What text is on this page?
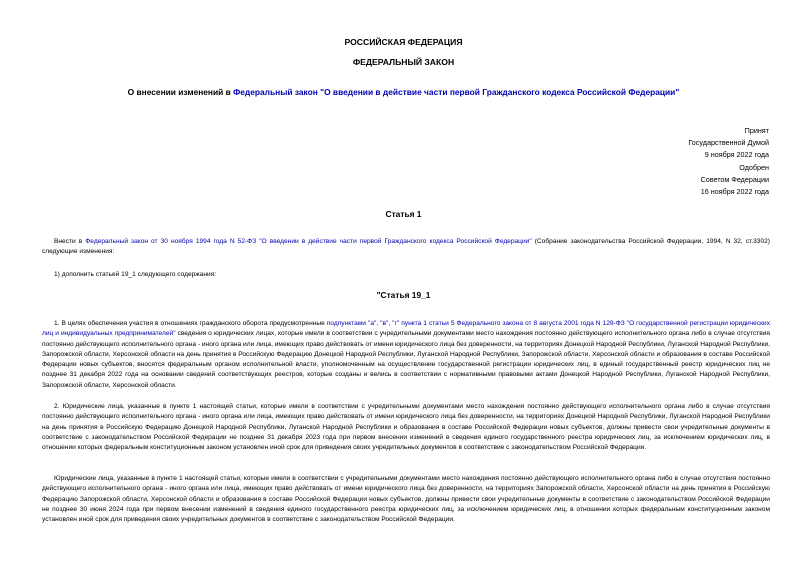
РОССИЙСКАЯ ФЕДЕРАЦИЯ
ФЕДЕРАЛЬНЫЙ ЗАКОН
О внесении изменений в Федеральный закон "О введении в действие части первой Гражданского кодекса Российской Федерации"
Принят
Государственной Думой
9 ноября 2022 года
Одобрен
Советом Федерации
16 ноября 2022 года
Статья 1
Внести в Федеральный закон от 30 ноября 1994 года N 52-ФЗ "О введении в действие части первой Гражданского кодекса Российской Федерации" (Собрание законодательства Российской Федерации, 1994, N 32, ст.3302) следующие изменения:
1) дополнить статьей 19_1 следующего содержания:
"Статья 19_1
1. В целях обеспечения участия в отношениях гражданского оборота предусмотренные подпунктами "а", "в", "г" пункта 1 статьи 5 Федерального закона от 8 августа 2001 года N 129-ФЗ "О государственной регистрации юридических лиц и индивидуальных предпринимателей" сведения о юридических лицах, которые имели в соответствии с учредительными документами место нахождения постоянно действующего исполнительного органа либо в случае отсутствия постоянно действующего исполнительного органа - иного органа или лица, имеющих право действовать от имени юридического лица без доверенности, на территориях Донецкой Народной Республики, Луганской Народной Республики, Запорожской области, Херсонской области на день принятия в Российскую Федерацию Донецкой Народной Республики, Луганской Народной Республики, Запорожской области, Херсонской области и образования в составе Российской Федерации новых субъектов, вносятся федеральным органом исполнительной власти, уполномоченным на осуществление государственной регистрации юридических лиц, в единый государственный реестр юридических лиц не позднее 31 декабря 2022 года на основании сведений соответствующих реестров, которые созданы и велись в соответствии с нормативными правовыми актами Донецкой Народной Республики, Луганской Народной Республики, Запорожской области, Херсонской области.
2. Юридические лица, указанные в пункте 1 настоящей статьи, которые имели в соответствии с учредительными документами место нахождения постоянно действующего исполнительного органа либо в случае отсутствия постоянно действующего исполнительного органа - иного органа или лица, имеющих право действовать от имени юридического лица без доверенности, на территориях Донецкой Народной Республики, Луганской Народной Республики на день принятия в Российскую Федерацию Донецкой Народной Республики, Луганской Народной Республики и образования в составе Российской Федерации новых субъектов, должны привести свои учредительные документы в соответствие с законодательством Российской Федерации не позднее 31 декабря 2023 года при первом внесении изменений в сведения единого государственного реестра юридических лиц, за исключением юридических лиц, в отношении которых федеральным конституционным законом установлен иной срок для приведения своих учредительных документов в соответствие с законодательством Российской Федерации.
Юридические лица, указанные в пункте 1 настоящей статьи, которые имели в соответствии с учредительными документами место нахождения постоянно действующего исполнительного органа либо в случае отсутствия постоянно действующего исполнительного органа - иного органа или лица, имеющих право действовать от имени юридического лица без доверенности, на территориях Запорожской области, Херсонской области на день принятия в Российскую Федерацию Запорожской области, Херсонской области и образования в составе Российской Федерации новых субъектов, должны привести свои учредительные документы в соответствие с законодательством Российской Федерации не позднее 30 июня 2024 года при первом внесении изменений в сведения единого государственного реестра юридических лиц, за исключением юридических лиц, в отношении которых федеральным конституционным законом установлен иной срок для приведения своих учредительных документов в соответствие с законодательством Российской Федерации.
